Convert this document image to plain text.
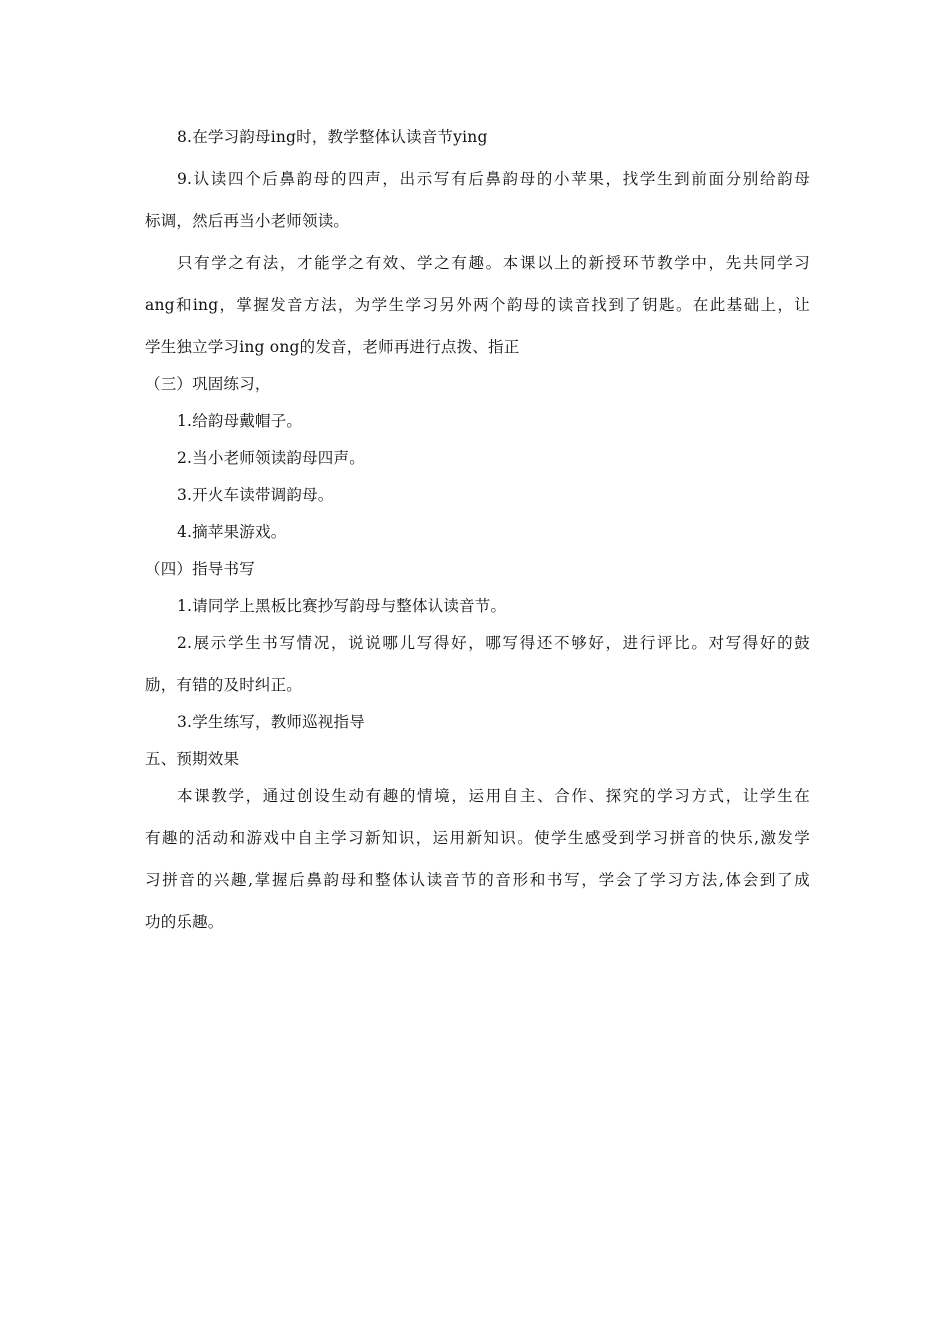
8.在学习韵母ing时，教学整体认读音节ying
9.认读四个后鼻韵母的四声，出示写有后鼻韵母的小苹果，找学生到前面分别给韵母
标调，然后再当小老师领读。
只有学之有法，才能学之有效、学之有趣。本课以上的新授环节教学中，先共同学习
ang和ing，掌握发音方法，为学生学习另外两个韵母的读音找到了钥匙。在此基础上，让
学生独立学习ing ong的发音，老师再进行点拨、指正
（三）巩固练习，
1.给韵母戴帽子。
2.当小老师领读韵母四声。
3.开火车读带调韵母。
4.摘苹果游戏。
（四）指导书写
1.请同学上黑板比赛抄写韵母与整体认读音节。
2.展示学生书写情况，说说哪儿写得好，哪写得还不够好，进行评比。对写得好的鼓
励，有错的及时纠正。
3.学生练写，教师巡视指导
五、预期效果
本课教学，通过创设生动有趣的情境，运用自主、合作、探究的学习方式，让学生在
有趣的活动和游戏中自主学习新知识，运用新知识。使学生感受到学习拼音的快乐,激发学
习拼音的兴趣,掌握后鼻韵母和整体认读音节的音形和书写，学会了学习方法,体会到了成
功的乐趣。
